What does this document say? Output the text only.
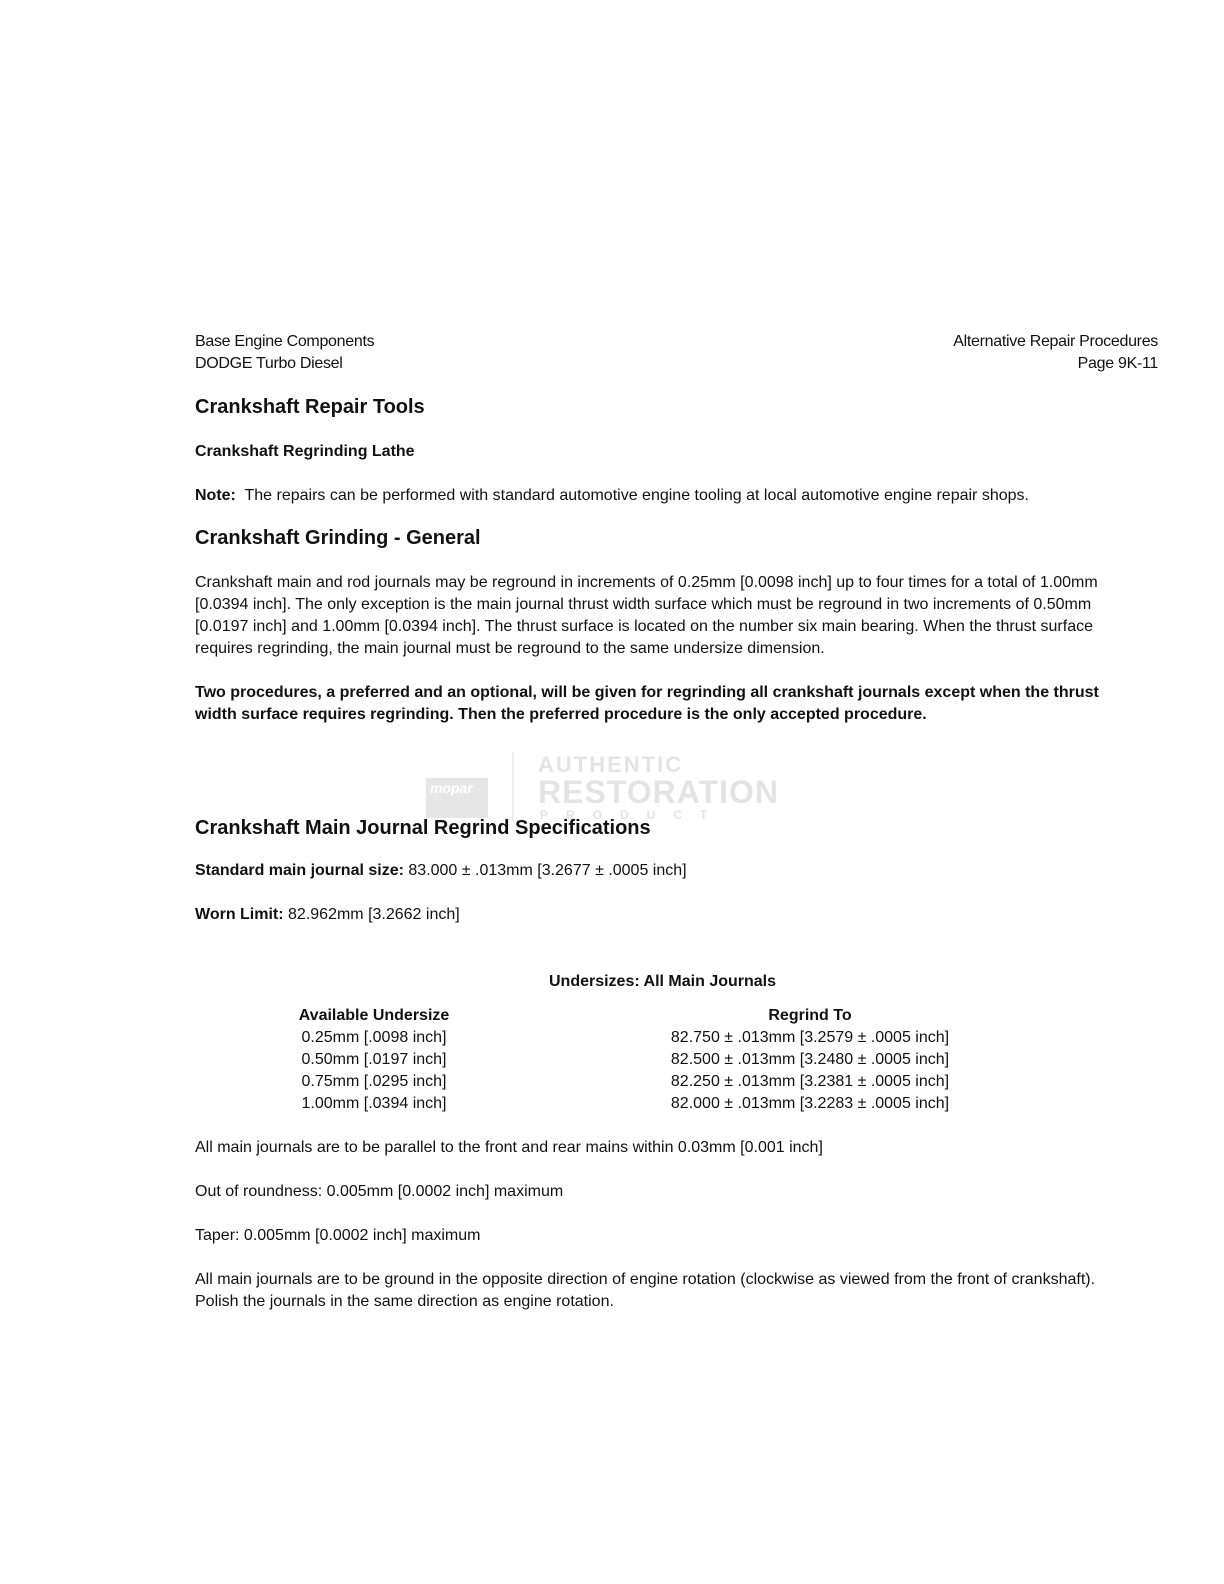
Base Engine Components
DODGE Turbo Diesel
Alternative Repair Procedures
Page 9K-11
mopar
AUTHENTIC
RESTORATION
PRODUCT
Crankshaft Repair Tools
Crankshaft Regrinding Lathe

Note: The repairs can be performed with standard automotive engine tooling at local automotive engine repair shops.

Crankshaft Grinding - General

Crankshaft main and rod journals may be reground in increments of 0.25mm [0.0098 inch] up to four times for a total of 1.00mm [0.0394 inch]. The only exception is the main journal thrust width surface which must be reground in two increments of 0.50mm [0.0197 inch] and 1.00mm [0.0394 inch]. The thrust surface is located on the number six main bearing. When the thrust surface requires regrinding, the main journal must be reground to the same undersize dimension.

Two procedures, a preferred and an optional, will be given for regrinding all crankshaft journals except when the thrust width surface requires regrinding. Then the preferred procedure is the only accepted procedure.

Crankshaft Main Journal Regrind Specifications

Standard main journal size: 83.000 ± .013mm [3.2677 ± .0005 inch]

Worn Limit: 82.962mm [3.2662 inch]

Undersizes: All Main Journals
Available Undersize		Regrind To
0.25mm [.0098 inch]		82.750 ± .013mm [3.2579 ± .0005 inch]
0.50mm [.0197 inch]		82.500 ± .013mm [3.2480 ± .0005 inch]
0.75mm [.0295 inch]		82.250 ± .013mm [3.2381 ± .0005 inch]
1.00mm [.0394 inch]		82.000 ± .013mm [3.2283 ± .0005 inch]

All main journals are to be parallel to the front and rear mains within 0.03mm [0.001 inch]

Out of roundness: 0.005mm [0.0002 inch] maximum

Taper: 0.005mm [0.0002 inch] maximum

All main journals are to be ground in the opposite direction of engine rotation (clockwise as viewed from the front of crankshaft). Polish the journals in the same direction as engine rotation.
